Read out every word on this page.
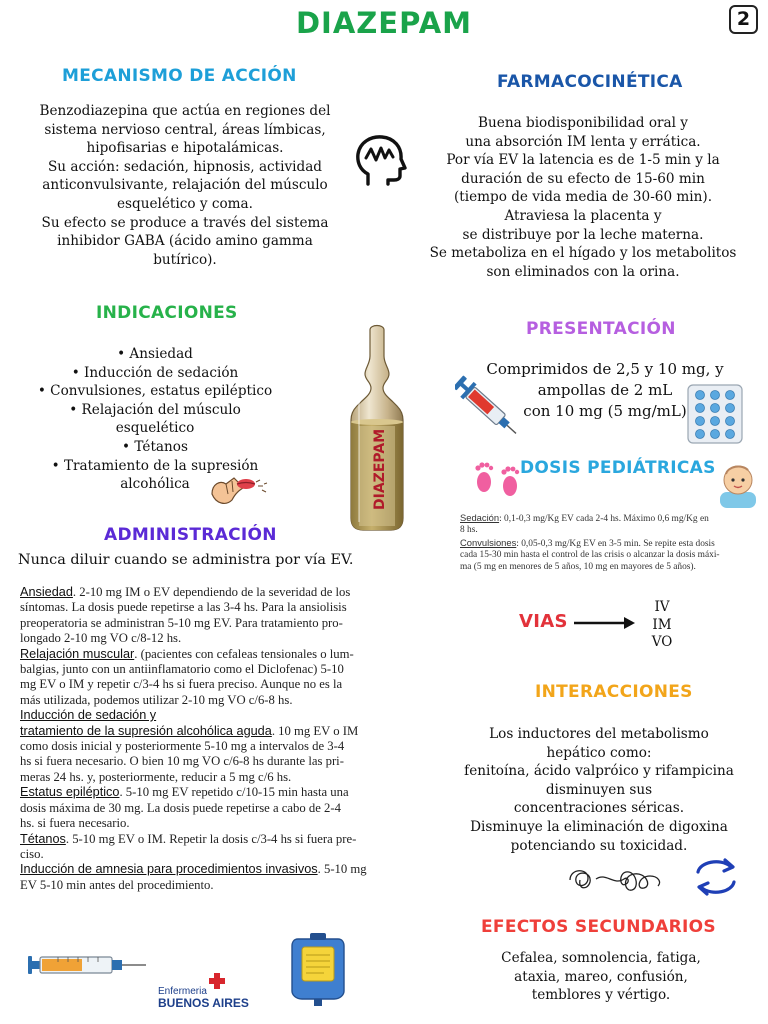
DIAZEPAM	2
MECANISMO DE ACCIÓN
Benzodiazepina que actúa en regiones del
sistema nervioso central, áreas límbicas,
hipofisarias e hipotalámicas.
Su acción: sedación, hipnosis, actividad
anticonvulsivante, relajación del músculo
esquelético y coma.
Su efecto se produce a través del sistema
inhibidor GABA (ácido amino gamma
butírico).
FARMACOCINÉTICA
Buena biodisponibilidad oral y
una absorción IM lenta y errática.
Por vía EV la latencia es de 1-5 min y la
duración de su efecto de 15-60 min
(tiempo de vida media de 30-60 min).
Atraviesa la placenta y
se distribuye por la leche materna.
Se metaboliza en el hígado y los metabolitos
son eliminados con la orina.
INDICACIONES
• Ansiedad
• Inducción de sedación
• Convulsiones, estatus epiléptico
• Relajación del músculo
esquelético
• Tétanos
• Tratamiento de la supresión
alcohólica	DIAZEPAM
PRESENTACIÓN
Comprimidos de 2,5 y 10 mg, y
ampollas de 2 mL
con 10 mg (5 mg/mL)
DOSIS PEDIÁTRICAS
Sedación: 0,1-0,3 mg/Kg EV cada 2-4 hs. Máximo 0,6 mg/Kg en
8 hs.
Convulsiones: 0,05-0,3 mg/Kg EV en 3-5 min. Se repite esta dosis
cada 15-30 min hasta el control de las crisis o alcanzar la dosis máxi-
ma (5 mg en menores de 5 años, 10 mg en mayores de 5 años).
ADMINISTRACIÓN
Nunca diluir cuando se administra por vía EV.
Ansiedad. 2-10 mg IM o EV dependiendo de la severidad de los
síntomas. La dosis puede repetirse a las 3-4 hs. Para la ansiolisis
preoperatoria se administran 5-10 mg EV. Para tratamiento pro-
longado 2-10 mg VO c/8-12 hs.
Relajación muscular. (pacientes con cefaleas tensionales o lum-
balgias, junto con un antiinflamatorio como el Diclofenac) 5-10
mg EV o IM y repetir c/3-4 hs si fuera preciso. Aunque no es la
más utilizada, podemos utilizar 2-10 mg VO c/6-8 hs.
Inducción de sedación y
tratamiento de la supresión alcohólica aguda. 10 mg EV o IM
como dosis inicial y posteriormente 5-10 mg a intervalos de 3-4
hs si fuera necesario. O bien 10 mg VO c/6-8 hs durante las pri-
meras 24 hs. y, posteriormente, reducir a 5 mg c/6 hs.
Estatus epiléptico. 5-10 mg EV repetido c/10-15 min hasta una
dosis máxima de 30 mg. La dosis puede repetirse a cabo de 2-4
hs. si fuera necesario.
Tétanos. 5-10 mg EV o IM. Repetir la dosis c/3-4 hs si fuera pre-
ciso.
Inducción de amnesia para procedimientos invasivos. 5-10 mg
EV 5-10 min antes del procedimiento.
VIAS
IV
IM
VO
INTERACCIONES
Los inductores del metabolismo
hepático como:
fenitoína, ácido valpróico y rifampicina
disminuyen sus
concentraciones séricas.
Disminuye la eliminación de digoxina
potenciando su toxicidad.
EFECTOS SECUNDARIOS
Cefalea, somnolencia, fatiga,
ataxia, mareo, confusión,
temblores y vértigo.
Enfermeria
BUENOS AIRES
